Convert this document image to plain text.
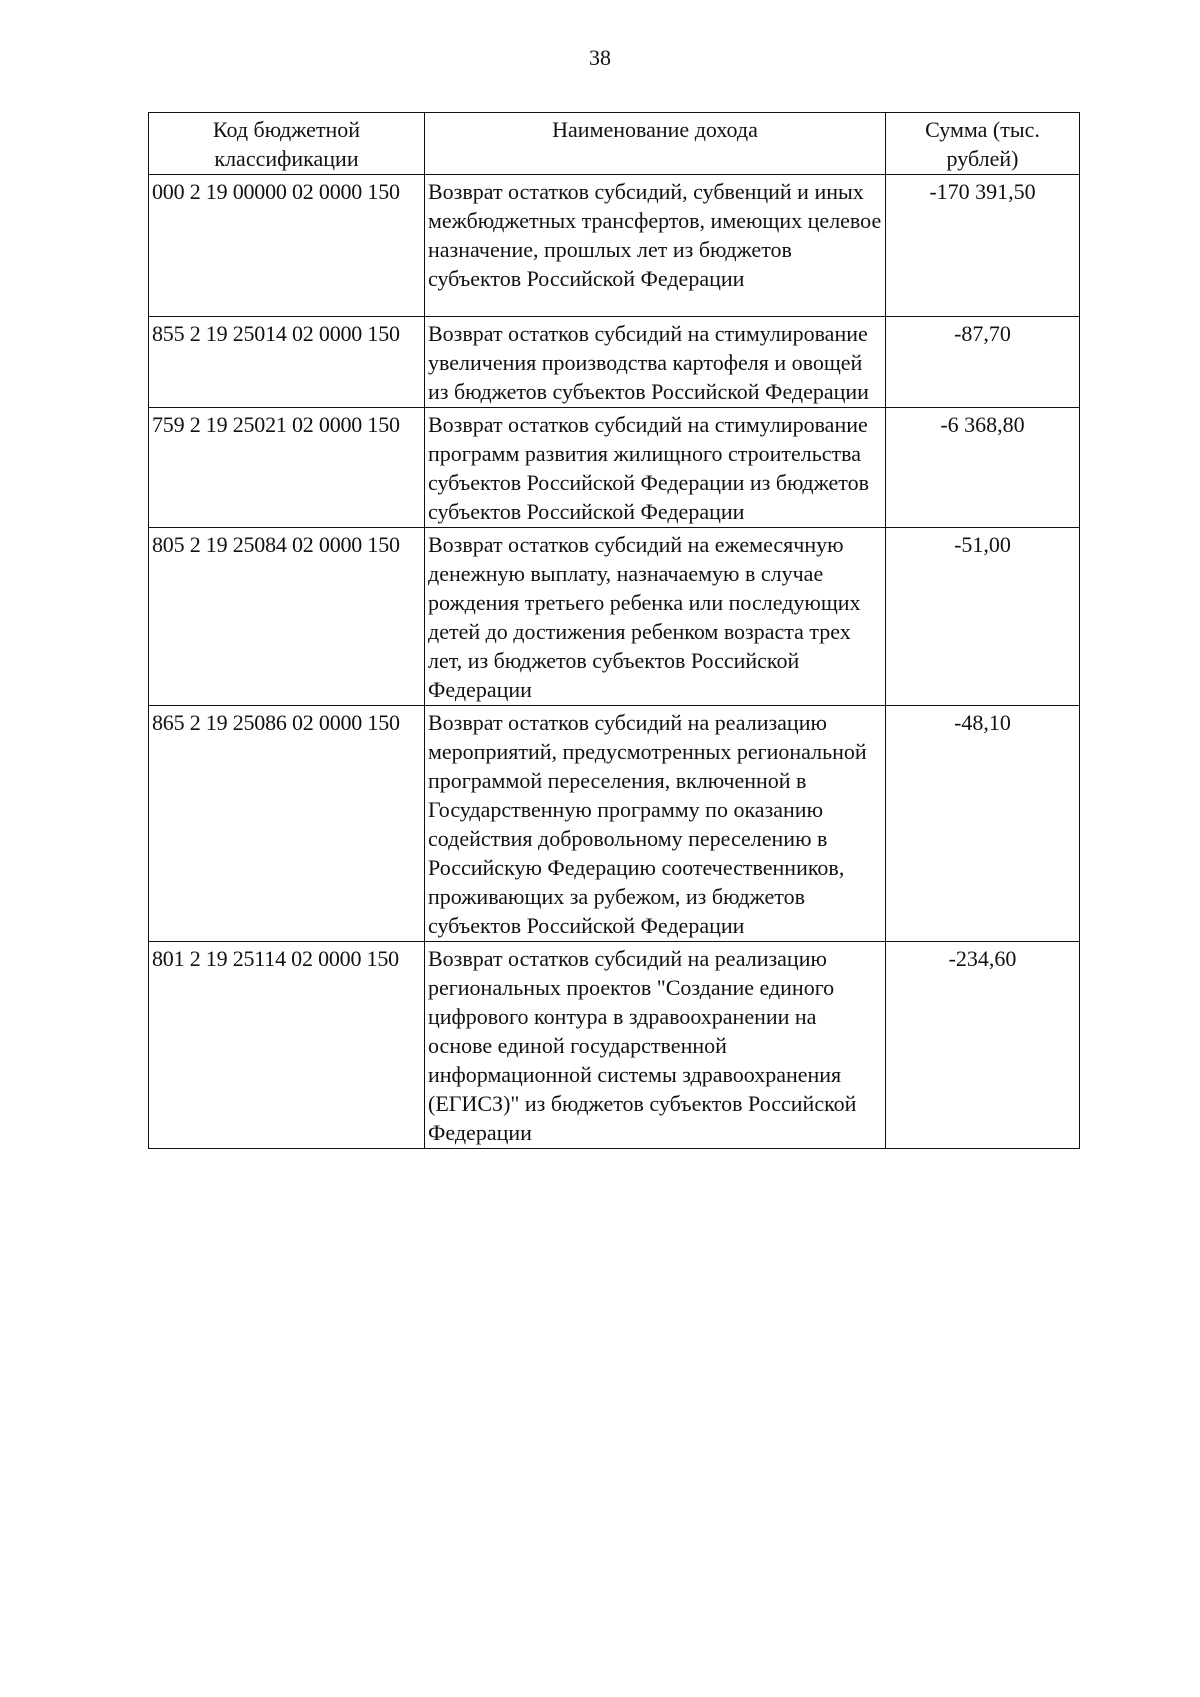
38
Код бюджетной классификации	Наименование дохода	Сумма (тыс. рублей)
000 2 19 00000 02 0000 150	Возврат остатков субсидий, субвенций и иных межбюджетных трансфертов, имеющих целевое назначение, прошлых лет из бюджетов субъектов Российской Федерации	-170 391,50
855 2 19 25014 02 0000 150	Возврат остатков субсидий на стимулирование увеличения производства картофеля и овощей из бюджетов субъектов Российской Федерации	-87,70
759 2 19 25021 02 0000 150	Возврат остатков субсидий на стимулирование программ развития жилищного строительства субъектов Российской Федерации из бюджетов субъектов Российской Федерации	-6 368,80
805 2 19 25084 02 0000 150	Возврат остатков субсидий на ежемесячную денежную выплату, назначаемую в случае рождения третьего ребенка или последующих детей до достижения ребенком возраста трех лет, из бюджетов субъектов Российской Федерации	-51,00
865 2 19 25086 02 0000 150	Возврат остатков субсидий на реализацию мероприятий, предусмотренных региональной программой переселения, включенной в Государственную программу по оказанию содействия добровольному переселению в Российскую Федерацию соотечественников, проживающих за рубежом, из бюджетов субъектов Российской Федерации	-48,10
801 2 19 25114 02 0000 150	Возврат остатков субсидий на реализацию региональных проектов "Создание единого цифрового контура в здравоохранении на основе единой государственной информационной системы здравоохранения (ЕГИСЗ)" из бюджетов субъектов Российской Федерации	-234,60
